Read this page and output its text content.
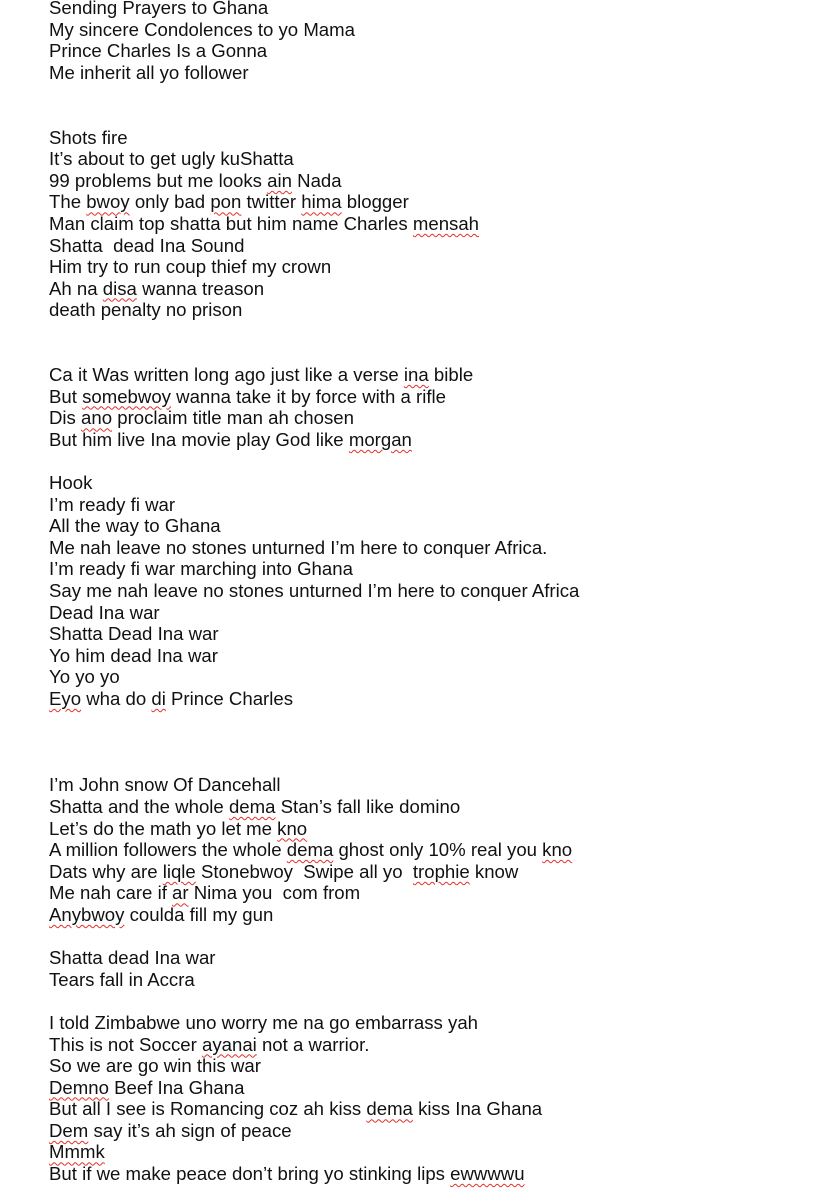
Sending Prayers to Ghana
My sincere Condolences to yo Mama
Prince Charles Is a Gonna
Me inherit all yo follower
Shots fire
It’s about to get ugly kuShatta
99 problems but me looks ain Nada
The bwoy only bad pon twitter hima blogger
Man claim top shatta but him name Charles mensah
Shatta dead Ina Sound
Him try to run coup thief my crown
Ah na disa wanna treason
death penalty no prison
Ca it Was written long ago just like a verse ina bible
But somebwoy wanna take it by force with a rifle
Dis ano proclaim title man ah chosen
But him live Ina movie play God like morgan
Hook
I’m ready fi war
All the way to Ghana
Me nah leave no stones unturned I’m here to conquer Africa.
I’m ready fi war marching into Ghana
Say me nah leave no stones unturned I’m here to conquer Africa
Dead Ina war
Shatta Dead Ina war
Yo him dead Ina war
Yo yo yo
Eyo wha do di Prince Charles
I’m John snow Of Dancehall
Shatta and the whole dema Stan’s fall like domino
Let’s do the math yo let me kno
A million followers the whole dema ghost only 10% real you kno
Dats why are liqle Stonebwoy Swipe all yo trophie know
Me nah care if ar Nima you com from
Anybwoy coulda fill my gun
Shatta dead Ina war
Tears fall in Accra
I told Zimbabwe uno worry me na go embarrass yah
This is not Soccer ayanai not a warrior.
So we are go win this war
Demno Beef Ina Ghana
But all I see is Romancing coz ah kiss dema kiss Ina Ghana
Dem say it’s ah sign of peace
Mmmk
But if we make peace don’t bring yo stinking lips ewwwwu
